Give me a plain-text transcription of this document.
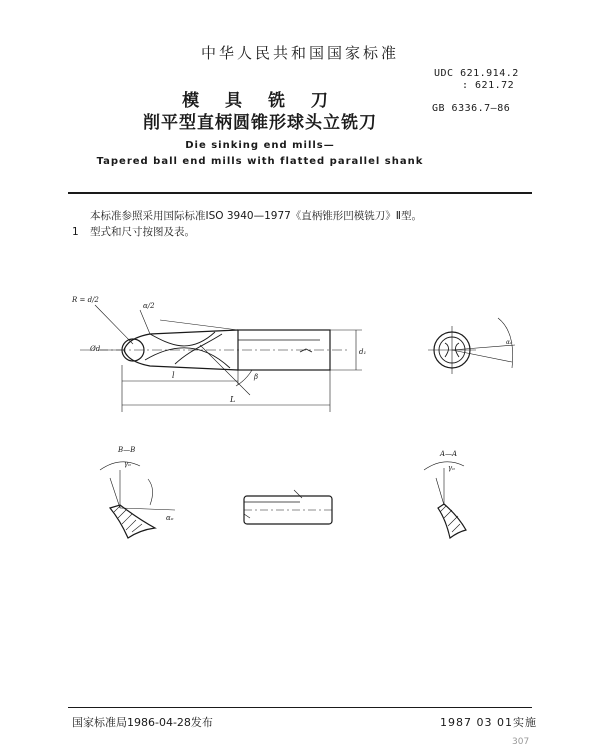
中华人民共和国国家标准
UDC 621.914.2
: 621.72
GB 6336.7—86
模 具 铣 刀
削平型直柄圆锥形球头立铣刀
Die sinking end mills—
Tapered ball end mills with flatted parallel shank
本标准参照采用国际标准ISO 3940—1977《直柄锥形凹模铣刀》Ⅱ型。
1 型式和尺寸按图及表。
R = d/2
α/2
Ød	d₁
β
l
L
αₒ
B—B
γₒ
αₒ
A—A
γₒ
国家标准局1986-04-28发布	1987 03 01实施
307
